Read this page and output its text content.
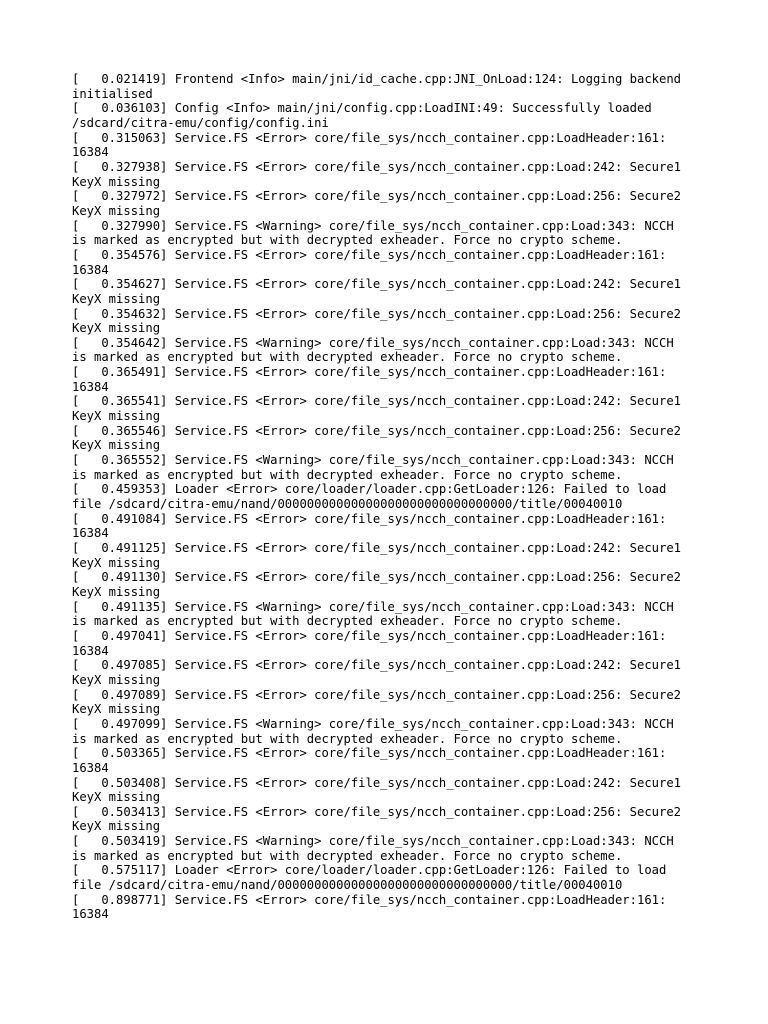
[   0.021419] Frontend <Info> main/jni/id_cache.cpp:JNI_OnLoad:124: Logging backend

initialised

[   0.036103] Config <Info> main/jni/config.cpp:LoadINI:49: Successfully loaded

/sdcard/citra-emu/config/config.ini

[   0.315063] Service.FS <Error> core/file_sys/ncch_container.cpp:LoadHeader:161:

16384

[   0.327938] Service.FS <Error> core/file_sys/ncch_container.cpp:Load:242: Secure1

KeyX missing

[   0.327972] Service.FS <Error> core/file_sys/ncch_container.cpp:Load:256: Secure2

KeyX missing

[   0.327990] Service.FS <Warning> core/file_sys/ncch_container.cpp:Load:343: NCCH

is marked as encrypted but with decrypted exheader. Force no crypto scheme.

[   0.354576] Service.FS <Error> core/file_sys/ncch_container.cpp:LoadHeader:161:

16384

[   0.354627] Service.FS <Error> core/file_sys/ncch_container.cpp:Load:242: Secure1

KeyX missing

[   0.354632] Service.FS <Error> core/file_sys/ncch_container.cpp:Load:256: Secure2

KeyX missing

[   0.354642] Service.FS <Warning> core/file_sys/ncch_container.cpp:Load:343: NCCH

is marked as encrypted but with decrypted exheader. Force no crypto scheme.

[   0.365491] Service.FS <Error> core/file_sys/ncch_container.cpp:LoadHeader:161:

16384

[   0.365541] Service.FS <Error> core/file_sys/ncch_container.cpp:Load:242: Secure1

KeyX missing

[   0.365546] Service.FS <Error> core/file_sys/ncch_container.cpp:Load:256: Secure2

KeyX missing

[   0.365552] Service.FS <Warning> core/file_sys/ncch_container.cpp:Load:343: NCCH

is marked as encrypted but with decrypted exheader. Force no crypto scheme.

[   0.459353] Loader <Error> core/loader/loader.cpp:GetLoader:126: Failed to load

file /sdcard/citra-emu/nand/00000000000000000000000000000000/title/00040010

[   0.491084] Service.FS <Error> core/file_sys/ncch_container.cpp:LoadHeader:161:

16384

[   0.491125] Service.FS <Error> core/file_sys/ncch_container.cpp:Load:242: Secure1

KeyX missing

[   0.491130] Service.FS <Error> core/file_sys/ncch_container.cpp:Load:256: Secure2

KeyX missing

[   0.491135] Service.FS <Warning> core/file_sys/ncch_container.cpp:Load:343: NCCH

is marked as encrypted but with decrypted exheader. Force no crypto scheme.

[   0.497041] Service.FS <Error> core/file_sys/ncch_container.cpp:LoadHeader:161:

16384

[   0.497085] Service.FS <Error> core/file_sys/ncch_container.cpp:Load:242: Secure1

KeyX missing

[   0.497089] Service.FS <Error> core/file_sys/ncch_container.cpp:Load:256: Secure2

KeyX missing

[   0.497099] Service.FS <Warning> core/file_sys/ncch_container.cpp:Load:343: NCCH

is marked as encrypted but with decrypted exheader. Force no crypto scheme.

[   0.503365] Service.FS <Error> core/file_sys/ncch_container.cpp:LoadHeader:161:

16384

[   0.503408] Service.FS <Error> core/file_sys/ncch_container.cpp:Load:242: Secure1

KeyX missing

[   0.503413] Service.FS <Error> core/file_sys/ncch_container.cpp:Load:256: Secure2

KeyX missing

[   0.503419] Service.FS <Warning> core/file_sys/ncch_container.cpp:Load:343: NCCH

is marked as encrypted but with decrypted exheader. Force no crypto scheme.

[   0.575117] Loader <Error> core/loader/loader.cpp:GetLoader:126: Failed to load

file /sdcard/citra-emu/nand/00000000000000000000000000000000/title/00040010

[   0.898771] Service.FS <Error> core/file_sys/ncch_container.cpp:LoadHeader:161:

16384
